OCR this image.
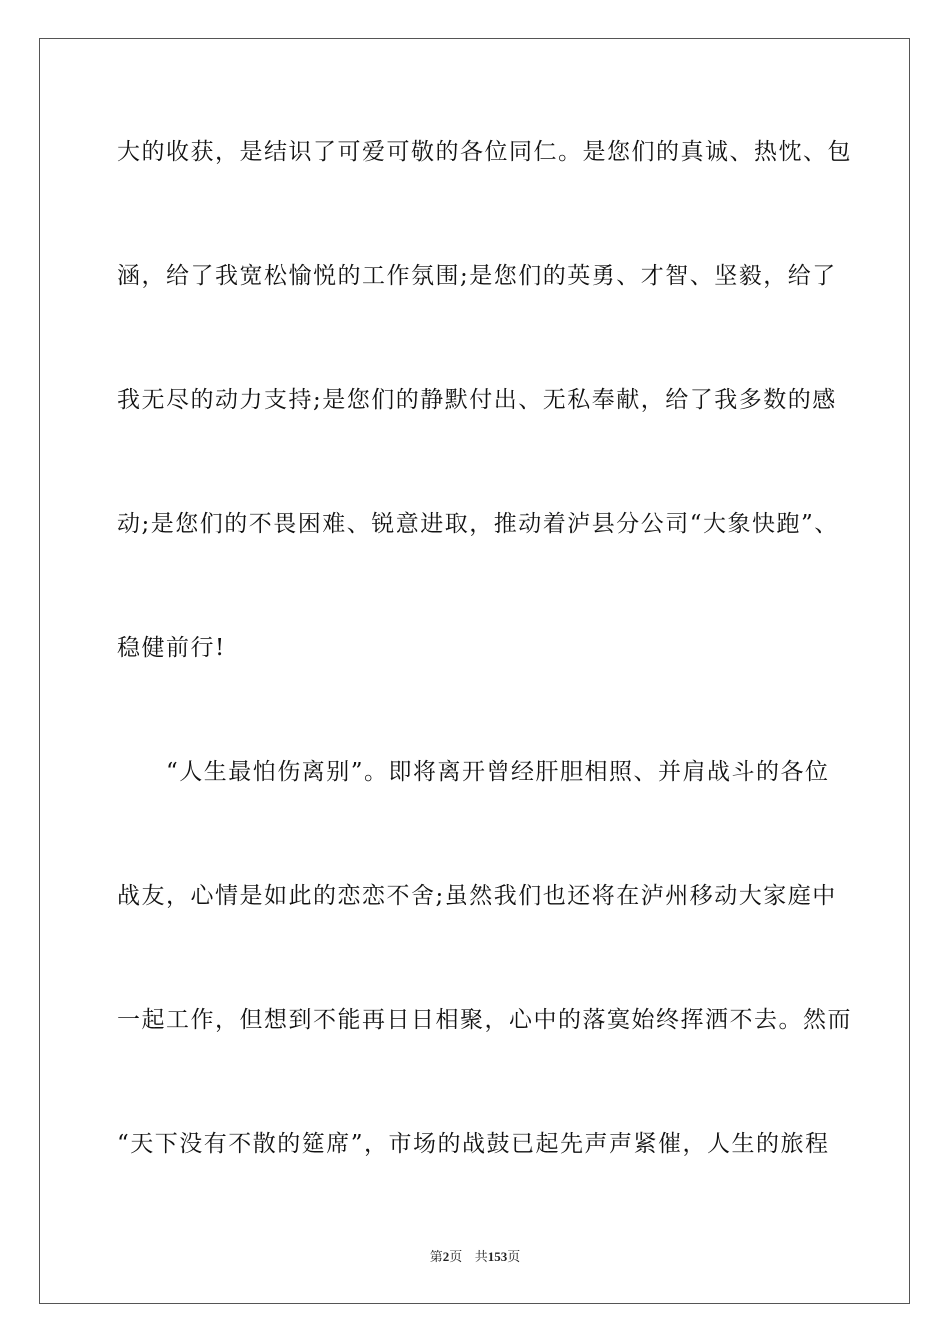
大的收获，是结识了可爱可敬的各位同仁。是您们的真诚、热忱、包
涵，给了我宽松愉悦的工作氛围;是您们的英勇、才智、坚毅，给了
我无尽的动力支持;是您们的静默付出、无私奉献，给了我多数的感
动;是您们的不畏困难、锐意进取，推动着泸县分公司“大象快跑”、
稳健前行!
　　“人生最怕伤离别”。即将离开曾经肝胆相照、并肩战斗的各位
战友，心情是如此的恋恋不舍;虽然我们也还将在泸州移动大家庭中
一起工作，但想到不能再日日相聚，心中的落寞始终挥洒不去。然而
“天下没有不散的筵席”，市场的战鼓已起先声声紧催，人生的旅程
第2页 共153页
